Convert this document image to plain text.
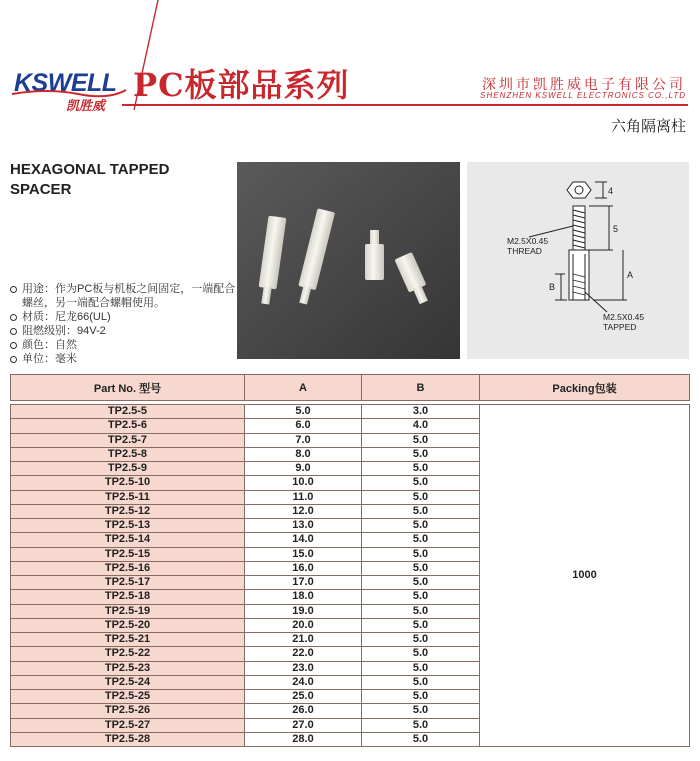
KSWELL
凯胜威
PC板部品系列	深圳市凯胜威电子有限公司
SHENZHEN KSWELL ELECTRONICS CO.,LTD
六角隔离柱
HEXAGONAL TAPPED
SPACER
用途：作为PC板与机板之间固定，一端配合
螺丝，另一端配合螺帽使用。
材质：尼龙66(UL)
阻燃级别：94V-2
颜色：自然
单位：毫米
4
5
A
B
M2.5X0.45
THREAD
M2.5X0.45
TAPPED
Part No. 型号	A	B	Packing包装

TP2.5-5	5.0	3.0	1000
TP2.5-6	6.0	4.0	
TP2.5-7	7.0	5.0	
TP2.5-8	8.0	5.0	
TP2.5-9	9.0	5.0	
TP2.5-10	10.0	5.0	
TP2.5-11	11.0	5.0	
TP2.5-12	12.0	5.0	
TP2.5-13	13.0	5.0	
TP2.5-14	14.0	5.0	
TP2.5-15	15.0	5.0	
TP2.5-16	16.0	5.0	
TP2.5-17	17.0	5.0	
TP2.5-18	18.0	5.0	
TP2.5-19	19.0	5.0	
TP2.5-20	20.0	5.0	
TP2.5-21	21.0	5.0	
TP2.5-22	22.0	5.0	
TP2.5-23	23.0	5.0	
TP2.5-24	24.0	5.0	
TP2.5-25	25.0	5.0	
TP2.5-26	26.0	5.0	
TP2.5-27	27.0	5.0	
TP2.5-28	28.0	5.0	
